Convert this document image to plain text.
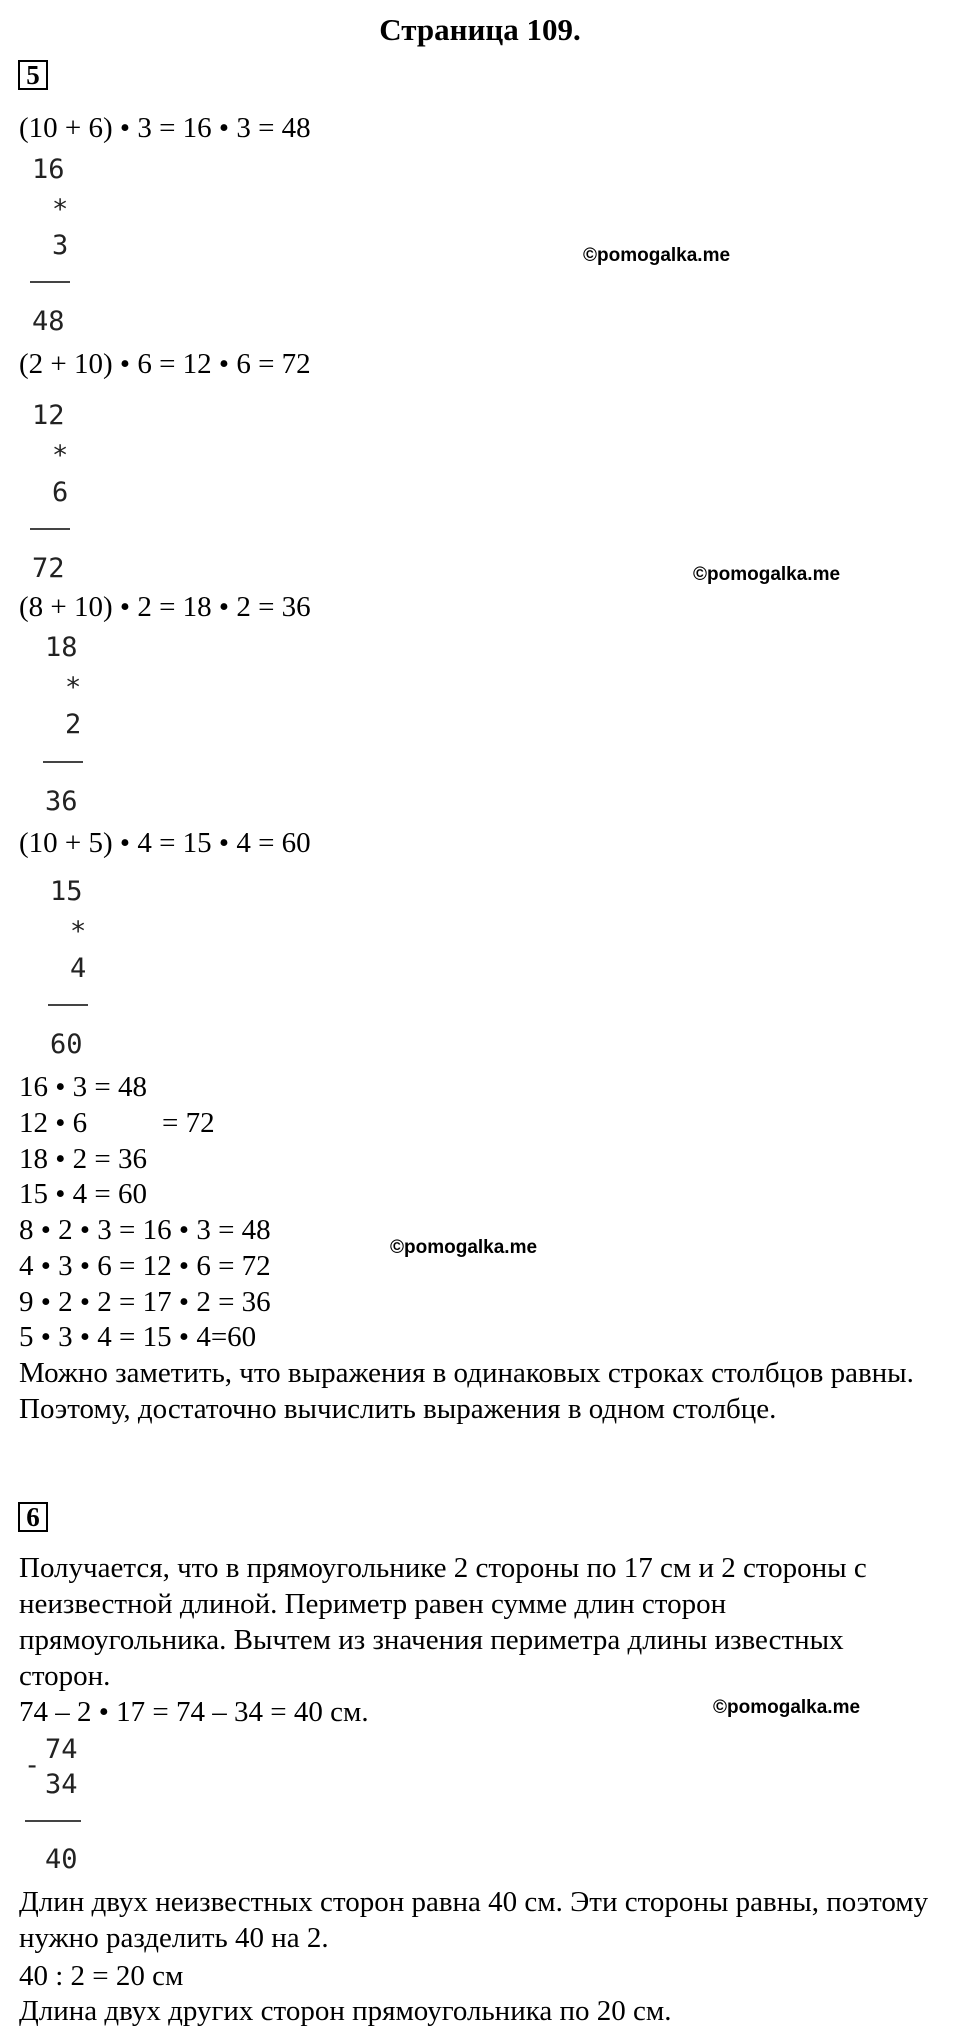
Страница 109.
5
(10 + 6) • 3 = 16 • 3 = 48
16
*
3
48
(2 + 10) • 6 = 12 • 6 = 72
12
*
6
72
(8 + 10) • 2 = 18 • 2 = 36
18
*
2
36
(10 + 5) • 4 = 15 • 4 = 60
15
*
4
60
16 • 3 = 48
12 • 6	= 72
18 • 2 = 36
15 • 4 = 60
8 • 2 • 3 = 16 • 3 = 48
4 • 3 • 6 = 12 • 6 = 72
9 • 2 • 2 = 17 • 2 = 36
5 • 3 • 4 = 15 • 4=60
Можно заметить, что выражения в одинаковых строках столбцов равны. Поэтому, достаточно вычислить выражения в одном столбце.
6
Получается, что в прямоугольнике 2 стороны по 17 см и 2 стороны с неизвестной длиной. Периметр равен сумме длин сторон прямоугольника. Вычтем из значения периметра длины известных сторон.
74 – 2 • 17 = 74 – 34 = 40 см.
-
74
34
40
Длин двух неизвестных сторон равна 40 см. Эти стороны равны, поэтому нужно разделить 40 на 2.
40 : 2 = 20 см
Длина двух других сторон прямоугольника по 20 см.
©pomogalka.me
©pomogalka.me
©pomogalka.me
©pomogalka.me
